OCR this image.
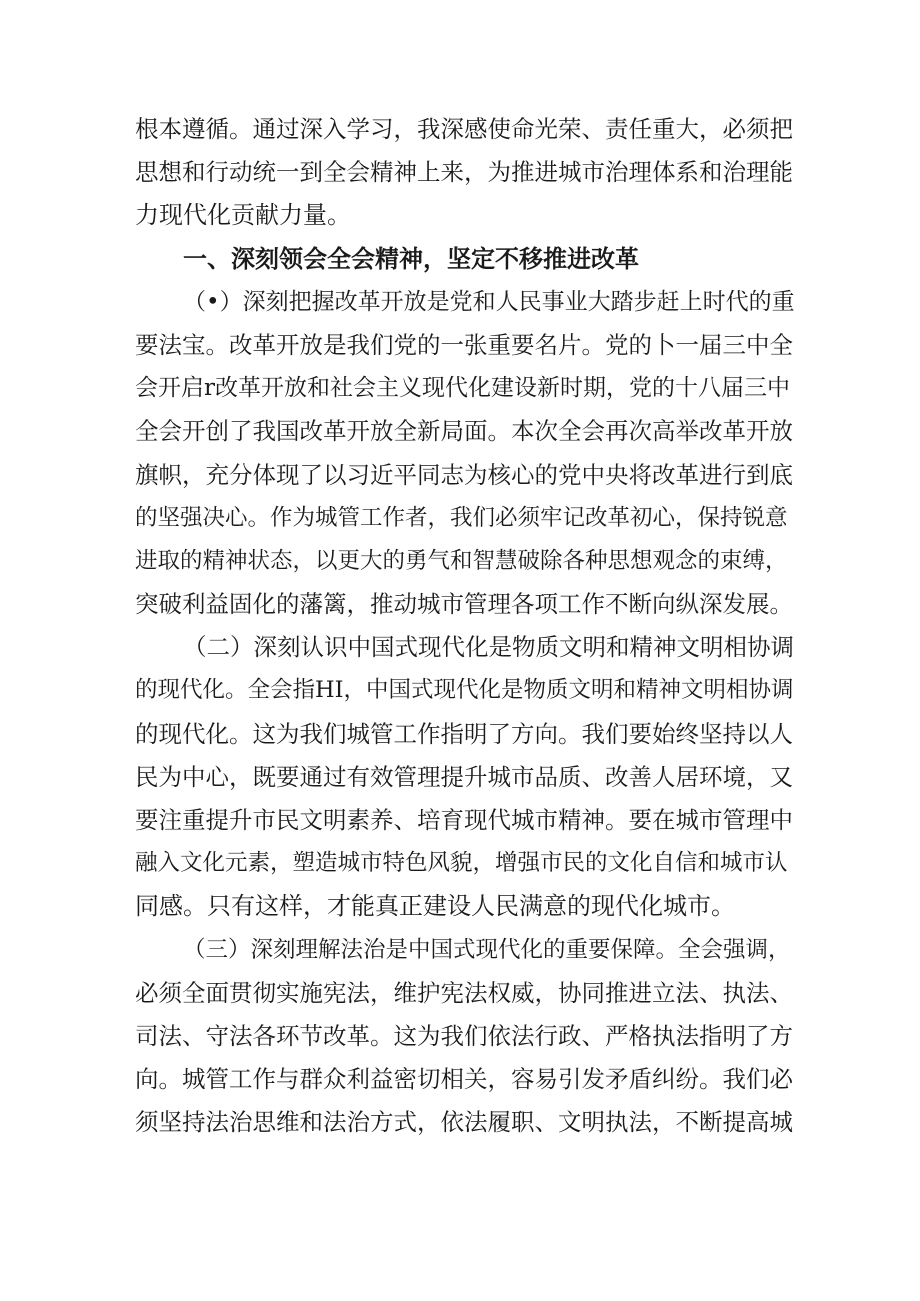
根本遵循。通过深入学习，我深感使命光荣、责任重大，必须把
思想和行动统一到全会精神上来，为推进城市治理体系和治理能
力现代化贡献力量。
一、深刻领会全会精神，坚定不移推进改革
（•）深刻把握改革开放是党和人民事业大踏步赶上时代的重
要法宝。改革开放是我们党的一张重要名片。党的卜一届三中全
会开启r改革开放和社会主义现代化建设新时期，党的十八届三中
全会开创了我国改革开放全新局面。本次全会再次高举改革开放
旗帜，充分体现了以习近平同志为核心的党中央将改革进行到底
的坚强决心。作为城管工作者，我们必须牢记改革初心，保持锐意
进取的精神状态，以更大的勇气和智慧破除各种思想观念的束缚，
突破利益固化的藩篱，推动城市管理各项工作不断向纵深发展。
（二）深刻认识中国式现代化是物质文明和精神文明相协调
的现代化。全会指HI，中国式现代化是物质文明和精神文明相协调
的现代化。这为我们城管工作指明了方向。我们要始终坚持以人
民为中心，既要通过有效管理提升城市品质、改善人居环境，又
要注重提升市民文明素养、培育现代城市精神。要在城市管理中
融入文化元素，塑造城市特色风貌，增强市民的文化自信和城市认
同感。只有这样，才能真正建设人民满意的现代化城市。
（三）深刻理解法治是中国式现代化的重要保障。全会强调，
必须全面贯彻实施宪法，维护宪法权威，协同推进立法、执法、
司法、守法各环节改革。这为我们依法行政、严格执法指明了方
向。城管工作与群众利益密切相关，容易引发矛盾纠纷。我们必
须坚持法治思维和法治方式，依法履职、文明执法，不断提高城
